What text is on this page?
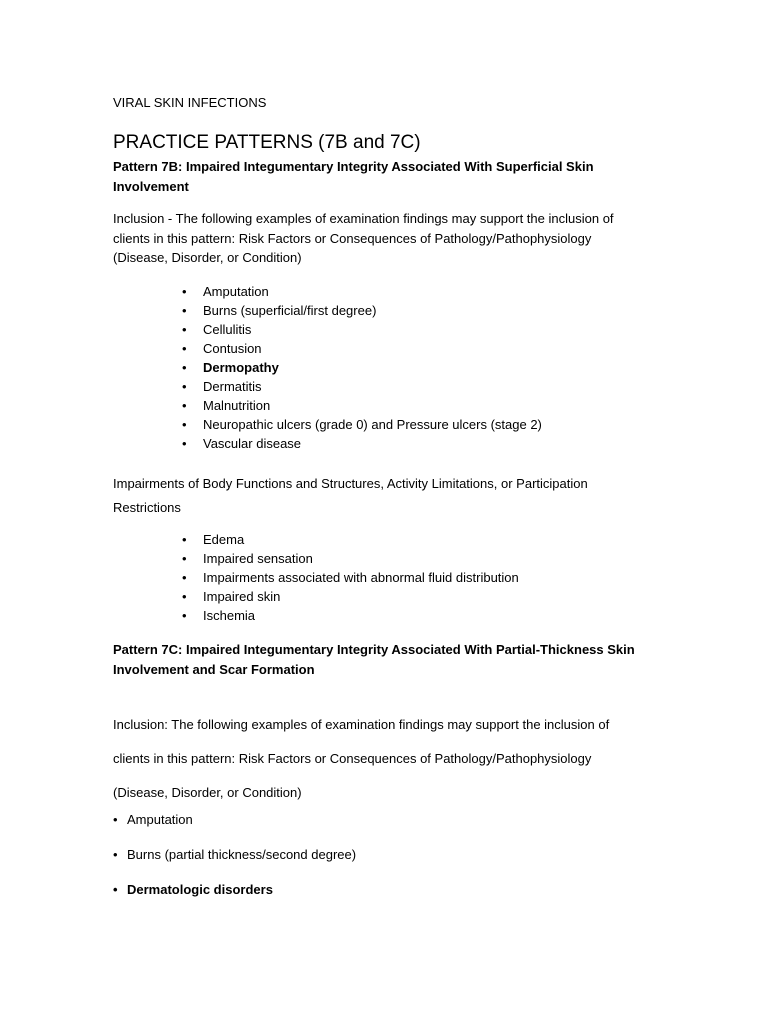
VIRAL SKIN INFECTIONS
PRACTICE PATTERNS (7B and 7C)
Pattern 7B: Impaired Integumentary Integrity Associated With Superficial Skin
Involvement
Inclusion - The following examples of examination findings may support the inclusion of
clients in this pattern: Risk Factors or Consequences of Pathology/Pathophysiology
(Disease, Disorder, or Condition)
• Amputation
• Burns (superficial/first degree)
• Cellulitis
• Contusion
• Dermopathy
• Dermatitis
• Malnutrition
• Neuropathic ulcers (grade 0) and Pressure ulcers (stage 2)
• Vascular disease
Impairments of Body Functions and Structures, Activity Limitations, or Participation
Restrictions
• Edema
• Impaired sensation
• Impairments associated with abnormal fluid distribution
• Impaired skin
• Ischemia
Pattern 7C: Impaired Integumentary Integrity Associated With Partial-Thickness Skin
Involvement and Scar Formation
Inclusion: The following examples of examination findings may support the inclusion of
clients in this pattern: Risk Factors or Consequences of Pathology/Pathophysiology
(Disease, Disorder, or Condition)
• Amputation
• Burns (partial thickness/second degree)
• Dermatologic disorders
